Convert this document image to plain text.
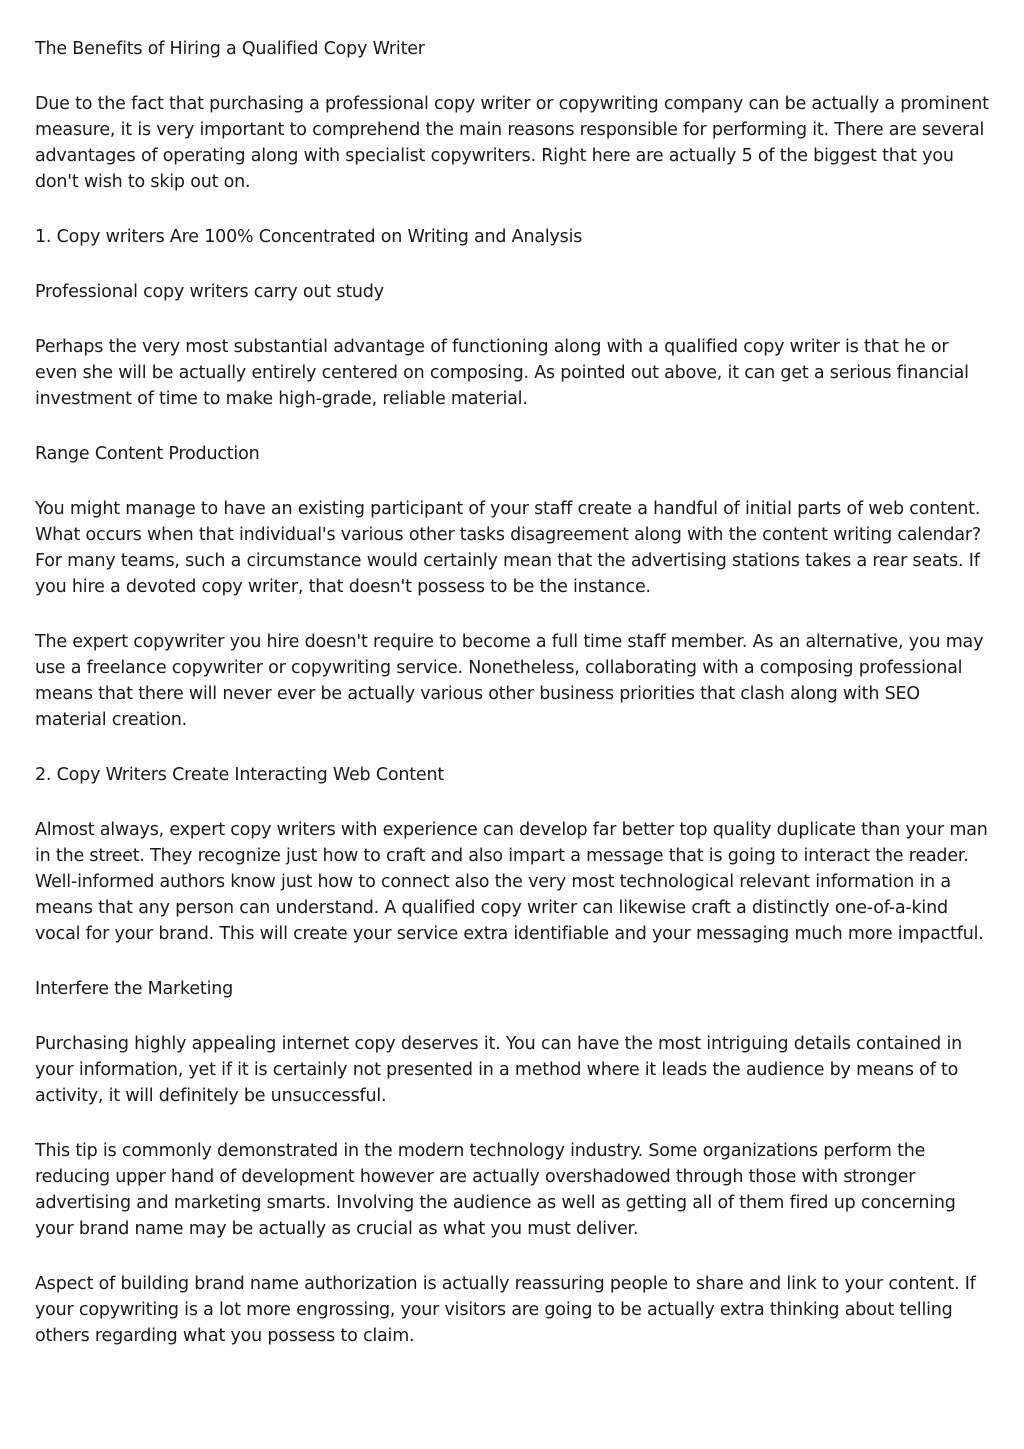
The Benefits of Hiring a Qualified Copy Writer

Due to the fact that purchasing a professional copy writer or copywriting company can be actually a prominent measure, it is very important to comprehend the main reasons responsible for performing it. There are several advantages of operating along with specialist copywriters. Right here are actually 5 of the biggest that you don't wish to skip out on.

1. Copy writers Are 100% Concentrated on Writing and Analysis

Professional copy writers carry out study

Perhaps the very most substantial advantage of functioning along with a qualified copy writer is that he or even she will be actually entirely centered on composing. As pointed out above, it can get a serious financial investment of time to make high-grade, reliable material.

Range Content Production

You might manage to have an existing participant of your staff create a handful of initial parts of web content. What occurs when that individual's various other tasks disagreement along with the content writing calendar? For many teams, such a circumstance would certainly mean that the advertising stations takes a rear seats. If you hire a devoted copy writer, that doesn't possess to be the instance.

The expert copywriter you hire doesn't require to become a full time staff member. As an alternative, you may use a freelance copywriter or copywriting service. Nonetheless, collaborating with a composing professional means that there will never ever be actually various other business priorities that clash along with SEO material creation.

2. Copy Writers Create Interacting Web Content

Almost always, expert copy writers with experience can develop far better top quality duplicate than your man in the street. They recognize just how to craft and also impart a message that is going to interact the reader. Well-informed authors know just how to connect also the very most technological relevant information in a means that any person can understand. A qualified copy writer can likewise craft a distinctly one-of-a-kind vocal for your brand. This will create your service extra identifiable and your messaging much more impactful.

Interfere the Marketing

Purchasing highly appealing internet copy deserves it. You can have the most intriguing details contained in your information, yet if it is certainly not presented in a method where it leads the audience by means of to activity, it will definitely be unsuccessful.

This tip is commonly demonstrated in the modern technology industry. Some organizations perform the reducing upper hand of development however are actually overshadowed through those with stronger advertising and marketing smarts. Involving the audience as well as getting all of them fired up concerning your brand name may be actually as crucial as what you must deliver.

Aspect of building brand name authorization is actually reassuring people to share and link to your content. If your copywriting is a lot more engrossing, your visitors are going to be actually extra thinking about telling others regarding what you possess to claim.
